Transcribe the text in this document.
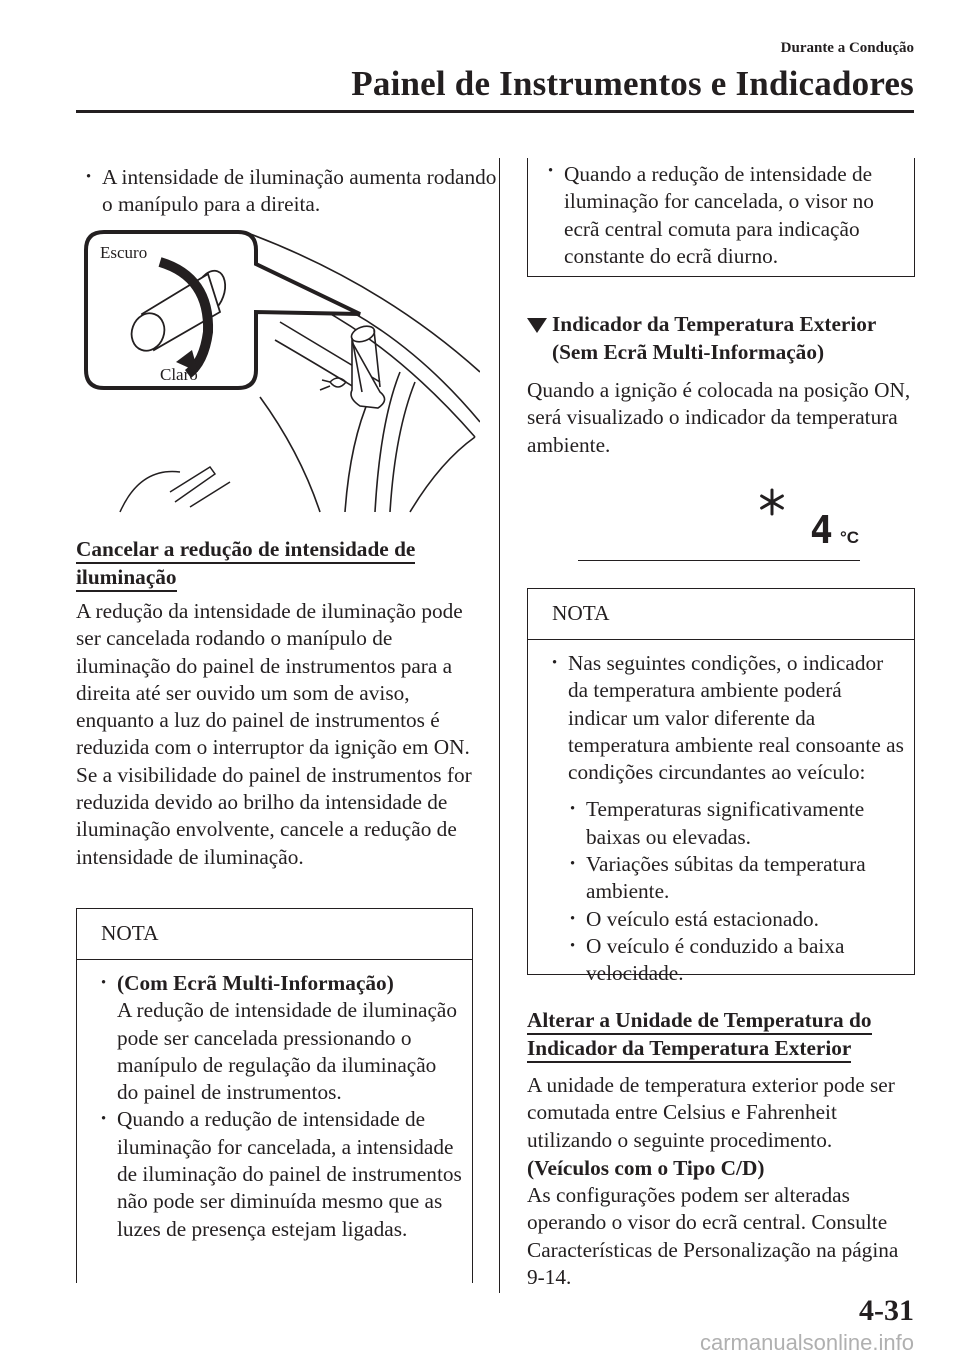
Durante a Condução
Painel de Instrumentos e Indicadores
· A intensidade de iluminação aumenta rodando o manípulo para a direita.
Escuro
Claro
Cancelar a redução de intensidade de iluminação
A redução da intensidade de iluminação pode ser cancelada rodando o manípulo de iluminação do painel de instrumentos para a direita até ser ouvido um som de aviso, enquanto a luz do painel de instrumentos é reduzida com o interruptor da ignição em ON. Se a visibilidade do painel de instrumentos for reduzida devido ao brilho da intensidade de iluminação envolvente, cancele a redução de intensidade de iluminação.
NOTA
· (Com Ecrã Multi-Informação)
A redução de intensidade de iluminação pode ser cancelada pressionando o manípulo de regulação da iluminação do painel de instrumentos.
· Quando a redução de intensidade de iluminação for cancelada, a intensidade de iluminação do painel de instrumentos não pode ser diminuída mesmo que as luzes de presença estejam ligadas.
· Quando a redução de intensidade de iluminação for cancelada, o visor no ecrã central comuta para indicação constante do ecrã diurno.
Indicador da Temperatura Exterior (Sem Ecrã Multi-Informação)
Quando a ignição é colocada na posição ON, será visualizado o indicador da temperatura ambiente.
4 °C
NOTA
· Nas seguintes condições, o indicador da temperatura ambiente poderá indicar um valor diferente da temperatura ambiente real consoante as condições circundantes ao veículo:
· Temperaturas significativamente baixas ou elevadas.
· Variações súbitas da temperatura ambiente.
· O veículo está estacionado.
· O veículo é conduzido a baixa velocidade.
Alterar a Unidade de Temperatura do Indicador da Temperatura Exterior
A unidade de temperatura exterior pode ser comutada entre Celsius e Fahrenheit utilizando o seguinte procedimento.
(Veículos com o Tipo C/D)
As configurações podem ser alteradas operando o visor do ecrã central. Consulte Características de Personalização na página 9-14.
4-31
carmanualsonline.info
